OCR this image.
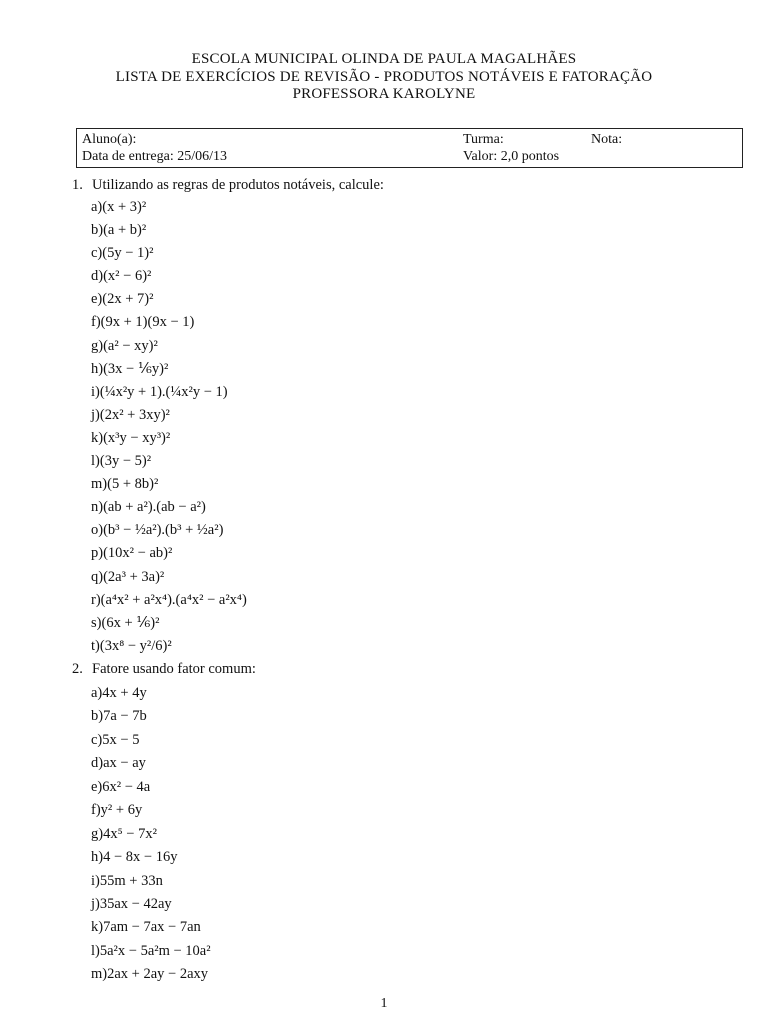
ESCOLA MUNICIPAL OLINDA DE PAULA MAGALHÃES
LISTA DE EXERCÍCIOS DE REVISÃO - PRODUTOS NOTÁVEIS E FATORAÇÃO
PROFESSORA KAROLYNE
Aluno(a):	Turma:	Nota:
Data de entrega: 25/06/13	Valor: 2,0 pontos
1. Utilizando as regras de produtos notáveis, calcule:
a)(x + 3)²
b)(a + b)²
c)(5y − 1)²
d)(x² − 6)²
e)(2x + 7)²
f)(9x + 1)(9x − 1)
g)(a² − xy)²
h)(3x − ⅙y)²
i)(¼x²y + 1).(¼x²y − 1)
j)(2x² + 3xy)²
k)(x³y − xy³)²
l)(3y − 5)²
m)(5 + 8b)²
n)(ab + a²).(ab − a²)
o)(b³ − ½a²).(b³ + ½a²)
p)(10x² − ab)²
q)(2a³ + 3a)²
r)(a⁴x² + a²x⁴).(a⁴x² − a²x⁴)
s)(6x + ⅙)²
t)(3x⁸ − y²/6)²
2. Fatore usando fator comum:
a)4x + 4y
b)7a − 7b
c)5x − 5
d)ax − ay
e)6x² − 4a
f)y² + 6y
g)4x⁵ − 7x²
h)4 − 8x − 16y
i)55m + 33n
j)35ax − 42ay
k)7am − 7ax − 7an
l)5a²x − 5a²m − 10a²
m)2ax + 2ay − 2axy
1
